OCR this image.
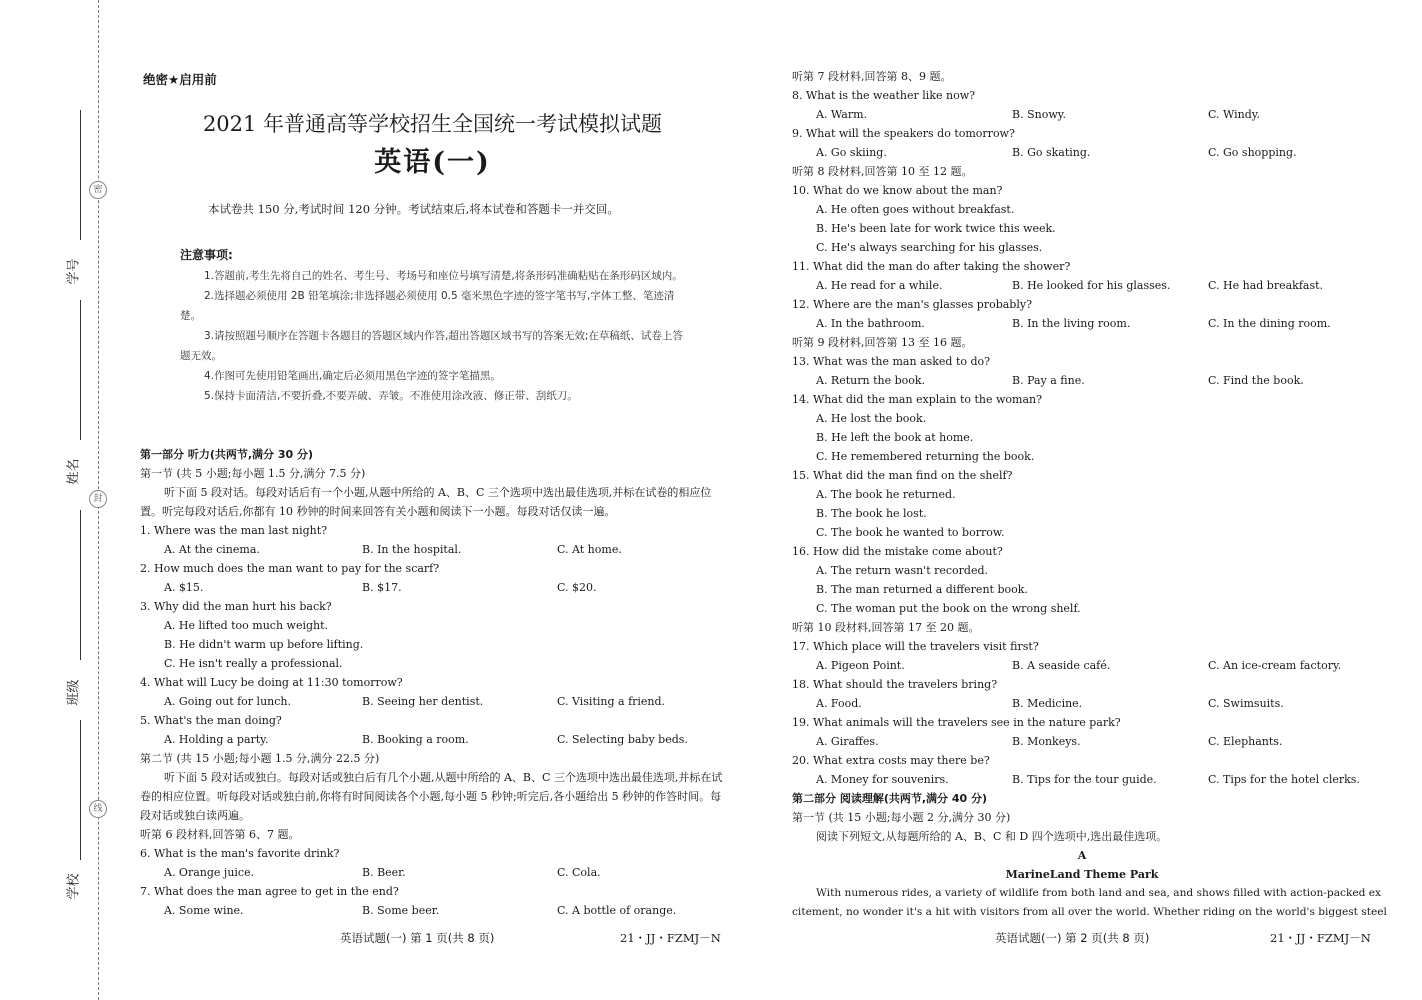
密
封
线
学号
姓名
班级
学校
绝密★启用前
2021 年普通高等学校招生全国统一考试模拟试题
英语(一)
本试卷共 150 分,考试时间 120 分钟。考试结束后,将本试卷和答题卡一并交回。
注意事项:
1.答题前,考生先将自己的姓名、考生号、考场号和座位号填写清楚,将条形码准确粘贴在条形码区域内。
2.选择题必须使用 2B 铅笔填涂;非选择题必须使用 0.5 毫米黑色字迹的签字笔书写,字体工整、笔迹清楚。
3.请按照题号顺序在答题卡各题目的答题区域内作答,超出答题区域书写的答案无效;在草稿纸、试卷上答题无效。
4.作图可先使用铅笔画出,确定后必须用黑色字迹的签字笔描黑。
5.保持卡面清洁,不要折叠,不要弄破、弄皱。不准使用涂改液、修正带、刮纸刀。
第一部分 听力(共两节,满分 30 分)
第一节 (共 5 小题;每小题 1.5 分,满分 7.5 分)
听下面 5 段对话。每段对话后有一个小题,从题中所给的 A、B、C 三个选项中选出最佳选项,并标在试卷的相应位置。听完每段对话后,你都有 10 秒钟的时间来回答有关小题和阅读下一小题。每段对话仅读一遍。
1. Where was the man last night?
A. At the cinema.	B. In the hospital.	C. At home.
2. How much does the man want to pay for the scarf?
A. $15.	B. $17.	C. $20.
3. Why did the man hurt his back?
A. He lifted too much weight.
B. He didn't warm up before lifting.
C. He isn't really a professional.
4. What will Lucy be doing at 11:30 tomorrow?
A. Going out for lunch.	B. Seeing her dentist.	C. Visiting a friend.
5. What's the man doing?
A. Holding a party.	B. Booking a room.	C. Selecting baby beds.
第二节 (共 15 小题;每小题 1.5 分,满分 22.5 分)
听下面 5 段对话或独白。每段对话或独白后有几个小题,从题中所给的 A、B、C 三个选项中选出最佳选项,并标在试卷的相应位置。听每段对话或独白前,你将有时间阅读各个小题,每小题 5 秒钟;听完后,各小题给出 5 秒钟的作答时间。每段对话或独白读两遍。
听第 6 段材料,回答第 6、7 题。
6. What is the man's favorite drink?
A. Orange juice.	B. Beer.	C. Cola.
7. What does the man agree to get in the end?
A. Some wine.	B. Some beer.	C. A bottle of orange.
英语试题(一) 第 1 页(共 8 页)	21・JJ・FZMJ－N
听第 7 段材料,回答第 8、9 题。
8. What is the weather like now?
A. Warm.	B. Snowy.	C. Windy.
9. What will the speakers do tomorrow?
A. Go skiing.	B. Go skating.	C. Go shopping.
听第 8 段材料,回答第 10 至 12 题。
10. What do we know about the man?
A. He often goes without breakfast.
B. He's been late for work twice this week.
C. He's always searching for his glasses.
11. What did the man do after taking the shower?
A. He read for a while.	B. He looked for his glasses.	C. He had breakfast.
12. Where are the man's glasses probably?
A. In the bathroom.	B. In the living room.	C. In the dining room.
听第 9 段材料,回答第 13 至 16 题。
13. What was the man asked to do?
A. Return the book.	B. Pay a fine.	C. Find the book.
14. What did the man explain to the woman?
A. He lost the book.
B. He left the book at home.
C. He remembered returning the book.
15. What did the man find on the shelf?
A. The book he returned.
B. The book he lost.
C. The book he wanted to borrow.
16. How did the mistake come about?
A. The return wasn't recorded.
B. The man returned a different book.
C. The woman put the book on the wrong shelf.
听第 10 段材料,回答第 17 至 20 题。
17. Which place will the travelers visit first?
A. Pigeon Point.	B. A seaside café.	C. An ice-cream factory.
18. What should the travelers bring?
A. Food.	B. Medicine.	C. Swimsuits.
19. What animals will the travelers see in the nature park?
A. Giraffes.	B. Monkeys.	C. Elephants.
20. What extra costs may there be?
A. Money for souvenirs.	B. Tips for the tour guide.	C. Tips for the hotel clerks.
第二部分 阅读理解(共两节,满分 40 分)
第一节 (共 15 小题;每小题 2 分,满分 30 分)
阅读下列短文,从每题所给的 A、B、C 和 D 四个选项中,选出最佳选项。
A
MarineLand Theme Park
With numerous rides, a variety of wildlife from both land and sea, and shows filled with action-packed ex
citement, no wonder it's a hit with visitors from all over the world. Whether riding on the world's biggest steel
英语试题(一) 第 2 页(共 8 页)	21・JJ・FZMJ－N
